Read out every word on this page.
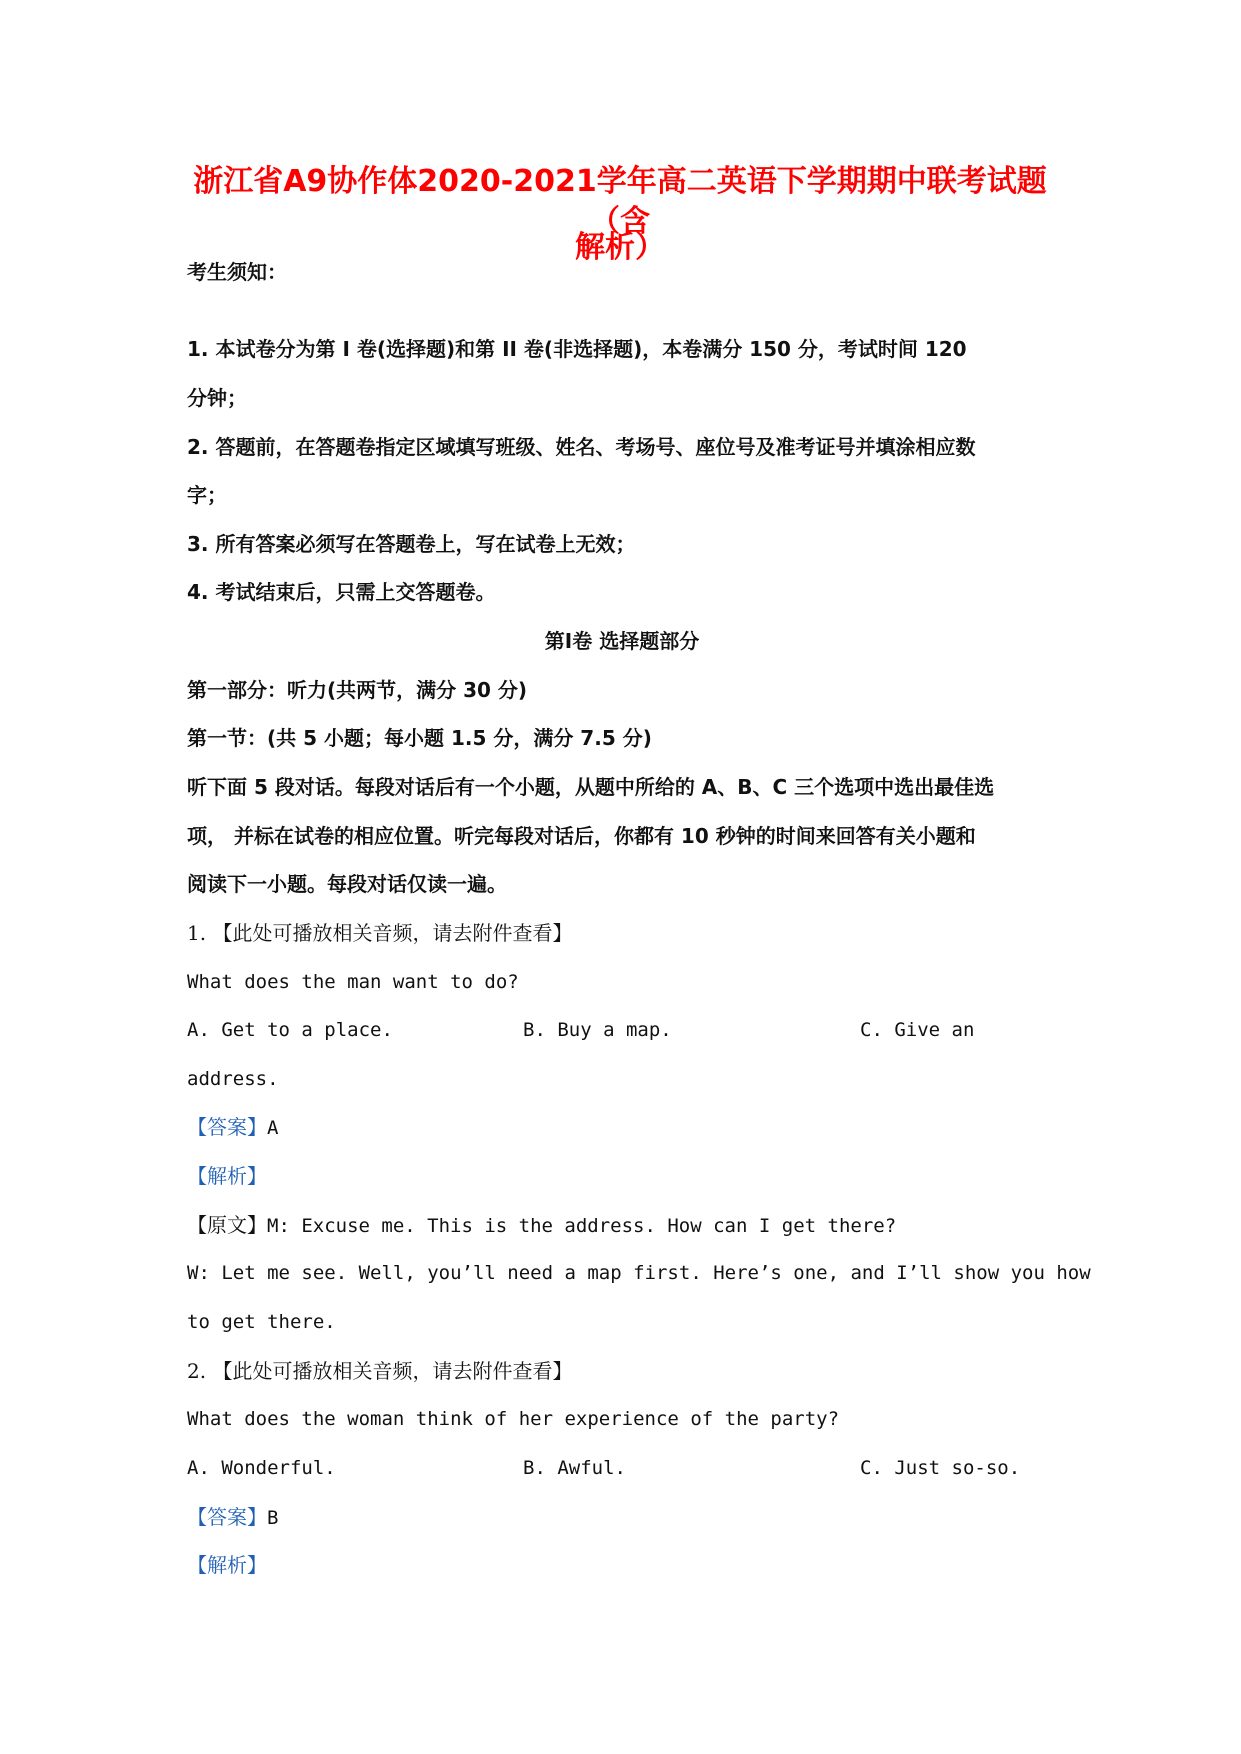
浙江省A9协作体2020-2021学年高二英语下学期期中联考试题（含
解析）
考生须知：
1. 本试卷分为第 I 卷(选择题)和第 II 卷(非选择题)，本卷满分 150 分，考试时间 120
分钟；
2. 答题前，在答题卷指定区域填写班级、姓名、考场号、座位号及准考证号并填涂相应数
字；
3. 所有答案必须写在答题卷上，写在试卷上无效；
4. 考试结束后，只需上交答题卷。
第Ⅰ卷 选择题部分
第一部分：听力(共两节，满分 30 分)
第一节：(共 5 小题；每小题 1.5 分，满分 7.5 分)
听下面 5 段对话。每段对话后有一个小题，从题中所给的 A、B、C 三个选项中选出最佳选
项， 并标在试卷的相应位置。听完每段对话后，你都有 10 秒钟的时间来回答有关小题和
阅读下一小题。每段对话仅读一遍。
1. 【此处可播放相关音频，请去附件查看】
What does the man want to do?
A. Get to a place.	B. Buy a map.	C. Give an
address.
【答案】A
【解析】
【原文】M: Excuse me. This is the address. How can I get there?
W: Let me see. Well, you’ll need a map first. Here’s one, and I’ll show you how
to get there.
2. 【此处可播放相关音频，请去附件查看】
What does the woman think of her experience of the party?
A. Wonderful.	B. Awful.	C. Just so-so.
【答案】B
【解析】
